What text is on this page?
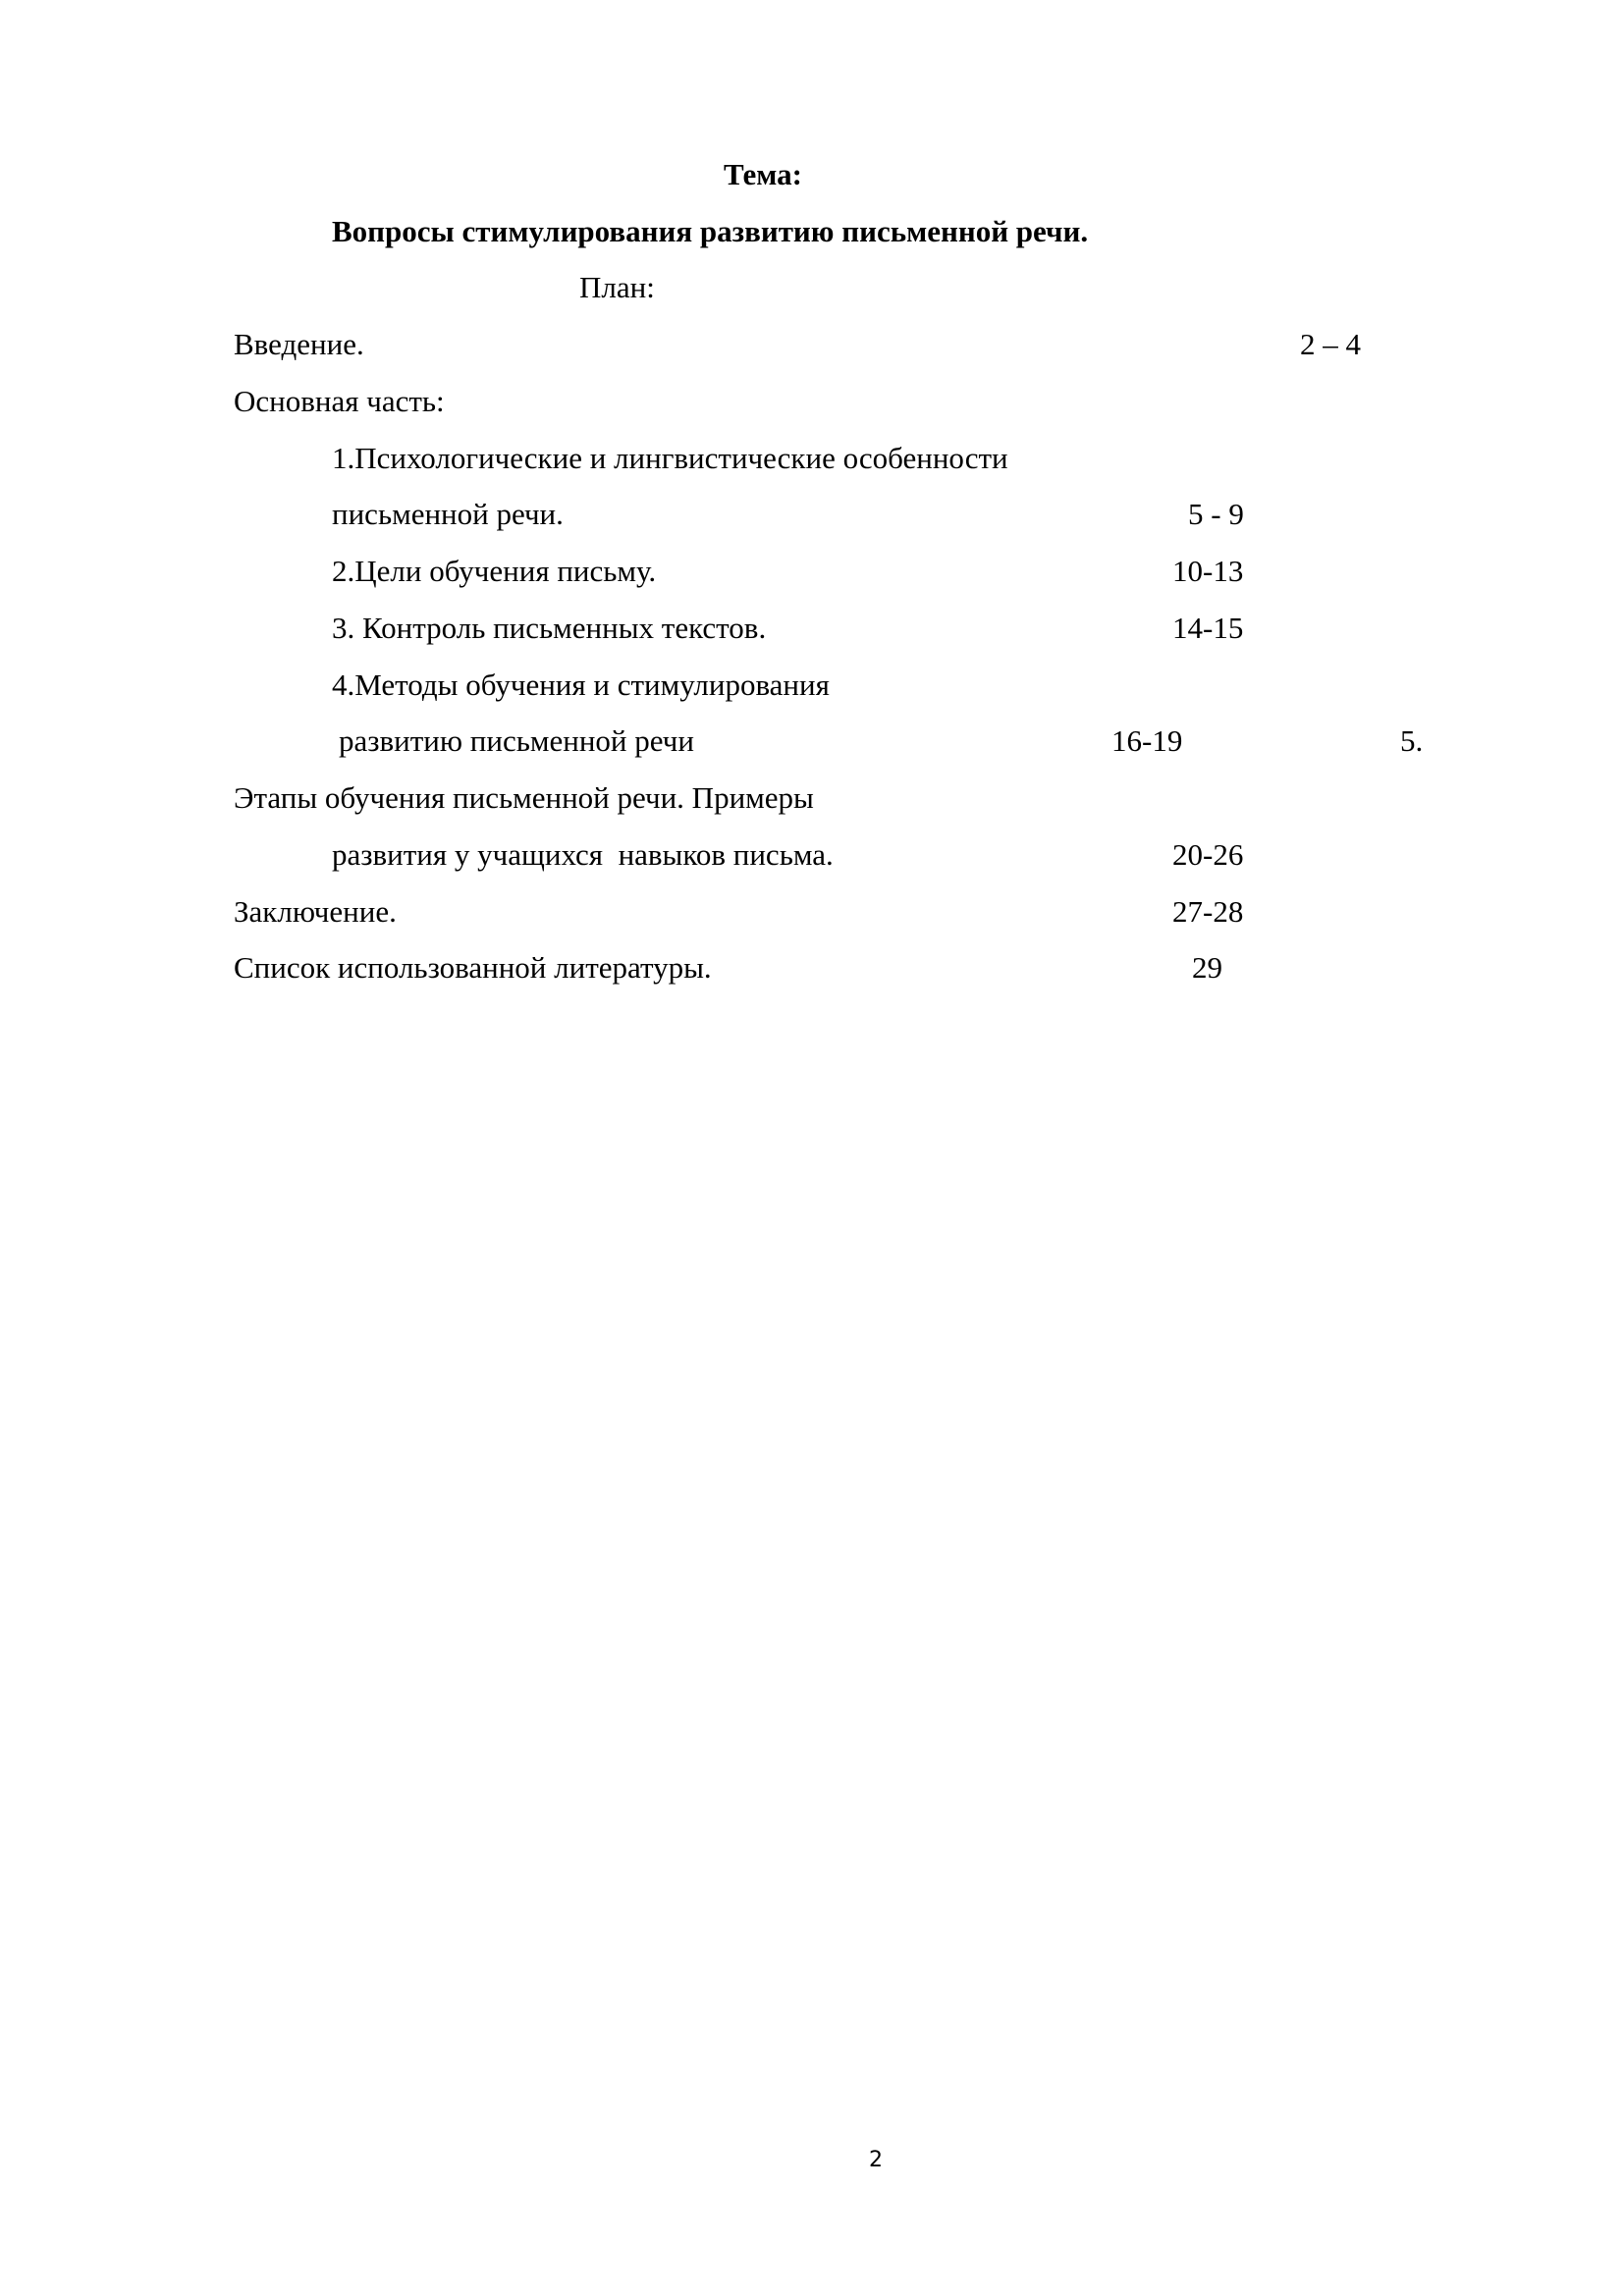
Тема:
Вопросы стимулирования развитию письменной речи.
План:
Введение.	2 – 4
Основная часть:
1.Психологические и лингвистические особенности
письменной речи.	5 - 9
2.Цели обучения письму.	10-13
3. Контроль письменных текстов.	14-15
4.Методы обучения и стимулирования
развитию письменной речи	16-19	5.
Этапы обучения письменной речи. Примеры
развития у учащихся  навыков письма.	20-26
Заключение.	27-28
Список использованной литературы.	29
2
